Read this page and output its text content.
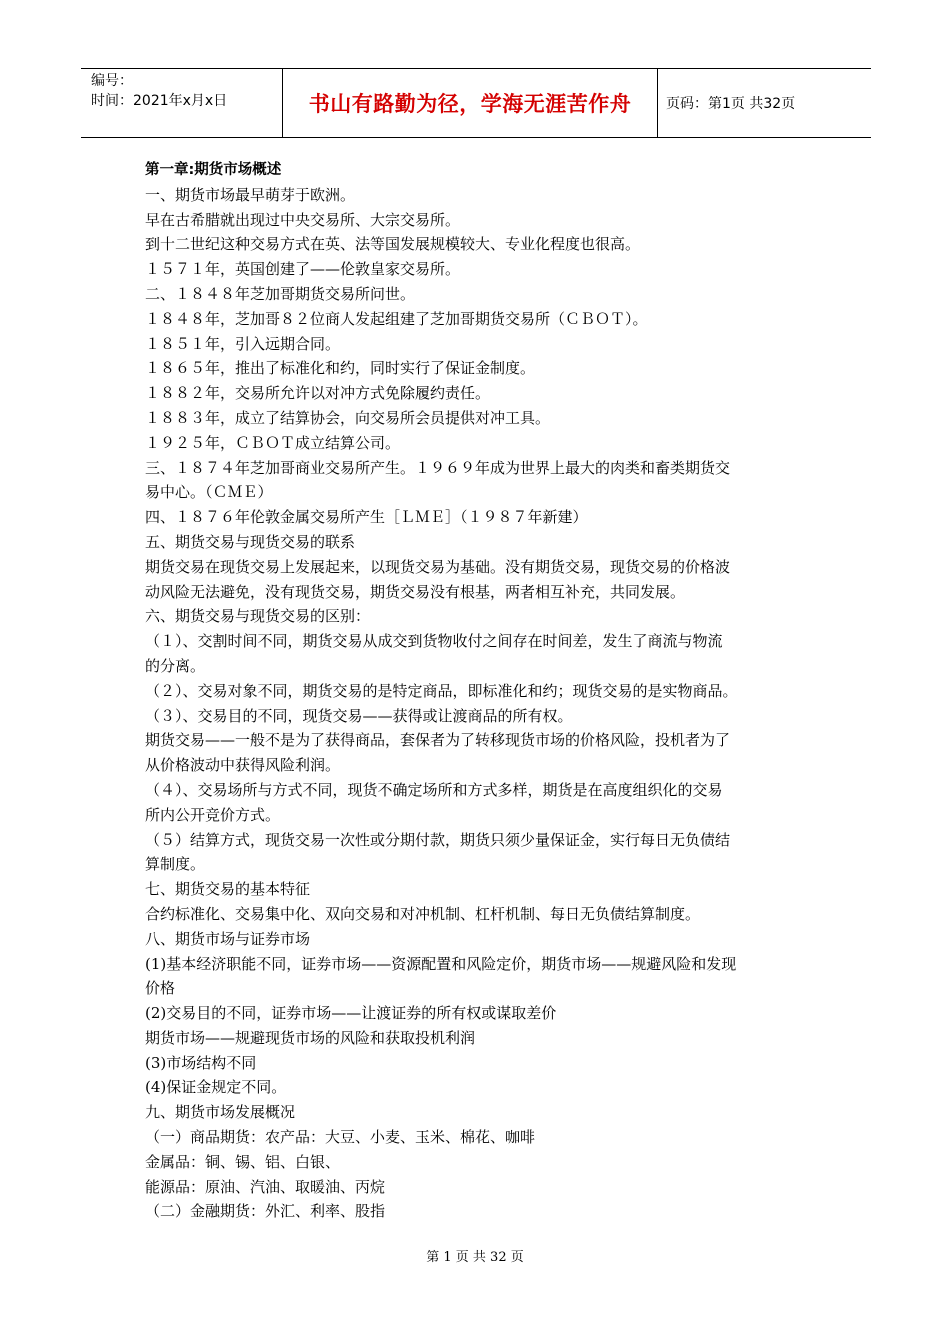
编号：
时间：2021年x月x日	书山有路勤为径，学海无涯苦作舟 页码：第1页 共32页
第一章:期货市场概述
一、期货市场最早萌芽于欧洲。
早在古希腊就出现过中央交易所、大宗交易所。
到十二世纪这种交易方式在英、法等国发展规模较大、专业化程度也很高。
１５７１年，英国创建了——伦敦皇家交易所。
二、１８４８年芝加哥期货交易所问世。
１８４８年，芝加哥８２位商人发起组建了芝加哥期货交易所（ＣＢＯＴ）。
１８５１年，引入远期合同。
１８６５年，推出了标准化和约，同时实行了保证金制度。
１８８２年，交易所允许以对冲方式免除履约责任。
１８８３年，成立了结算协会，向交易所会员提供对冲工具。
１９２５年，ＣＢＯＴ成立结算公司。
三、１８７４年芝加哥商业交易所产生。１９６９年成为世界上最大的肉类和畜类期货交
易中心。（ＣＭＥ）
四、１８７６年伦敦金属交易所产生［ＬＭＥ］（１９８７年新建）
五、期货交易与现货交易的联系
期货交易在现货交易上发展起来，以现货交易为基础。没有期货交易，现货交易的价格波
动风险无法避免，没有现货交易，期货交易没有根基，两者相互补充，共同发展。
六、期货交易与现货交易的区别：
（１）、交割时间不同，期货交易从成交到货物收付之间存在时间差，发生了商流与物流
的分离。
（２）、交易对象不同，期货交易的是特定商品，即标准化和约；现货交易的是实物商品。
（３）、交易目的不同，现货交易——获得或让渡商品的所有权。
期货交易——一般不是为了获得商品，套保者为了转移现货市场的价格风险，投机者为了
从价格波动中获得风险利润。
（４）、交易场所与方式不同，现货不确定场所和方式多样，期货是在高度组织化的交易
所内公开竞价方式。
（５）结算方式，现货交易一次性或分期付款，期货只须少量保证金，实行每日无负债结
算制度。
七、期货交易的基本特征
合约标准化、交易集中化、双向交易和对冲机制、杠杆机制、每日无负债结算制度。
八、期货市场与证券市场
(1)基本经济职能不同，证券市场——资源配置和风险定价，期货市场——规避风险和发现
价格
(2)交易目的不同，证券市场——让渡证券的所有权或谋取差价
期货市场——规避现货市场的风险和获取投机利润
(3)市场结构不同
(4)保证金规定不同。
九、期货市场发展概况
（一）商品期货：农产品：大豆、小麦、玉米、棉花、咖啡
金属品：铜、锡、铝、白银、
能源品：原油、汽油、取暖油、丙烷
（二）金融期货：外汇、利率、股指
第 1 页 共 32 页
